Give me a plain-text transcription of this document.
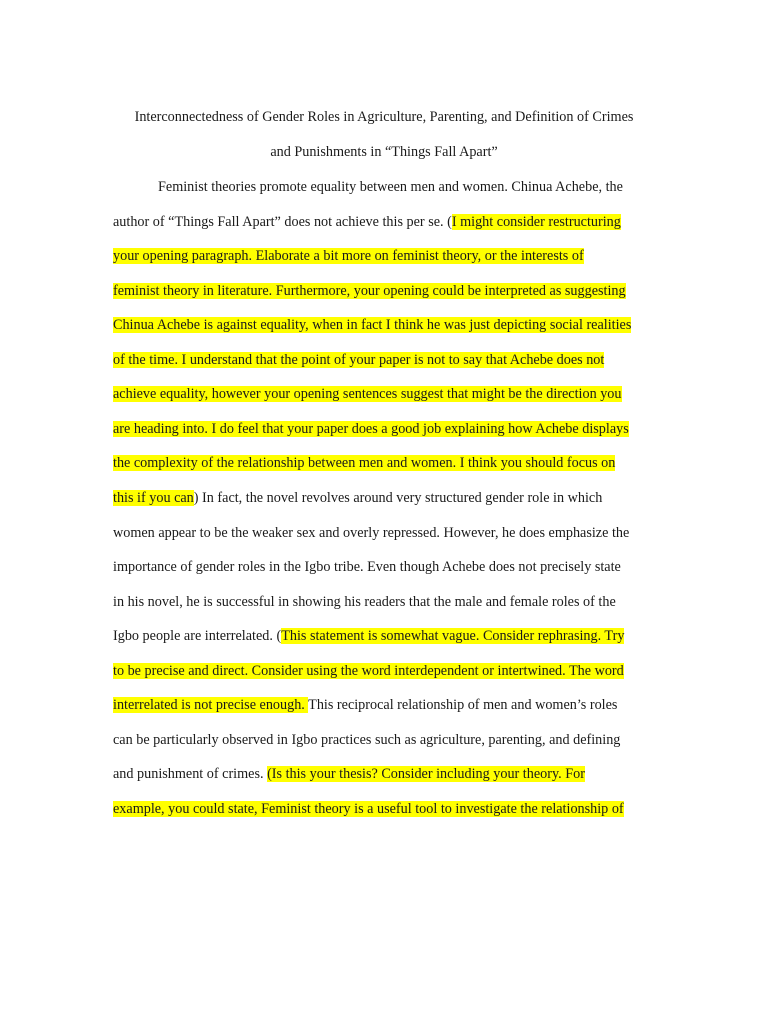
Interconnectedness of Gender Roles in Agriculture, Parenting, and Definition of Crimes
and Punishments in “Things Fall Apart”
Feminist theories promote equality between men and women. Chinua Achebe, the
author of “Things Fall Apart” does not achieve this per se. (I might consider restructuring
your opening paragraph. Elaborate a bit more on feminist theory, or the interests of
feminist theory in literature. Furthermore, your opening could be interpreted as suggesting
Chinua Achebe is against equality, when in fact I think he was just depicting social realities
of the time. I understand that the point of your paper is not to say that Achebe does not
achieve equality, however your opening sentences suggest that might be the direction you
are heading into. I do feel that your paper does a good job explaining how Achebe displays
the complexity of the relationship between men and women. I think you should focus on
this if you can) In fact, the novel revolves around very structured gender role in which
women appear to be the weaker sex and overly repressed. However, he does emphasize the
importance of gender roles in the Igbo tribe. Even though Achebe does not precisely state
in his novel, he is successful in showing his readers that the male and female roles of the
Igbo people are interrelated. (This statement is somewhat vague. Consider rephrasing. Try
to be precise and direct. Consider using the word interdependent or intertwined. The word
interrelated is not precise enough. This reciprocal relationship of men and women’s roles
can be particularly observed in Igbo practices such as agriculture, parenting, and defining
and punishment of crimes. (Is this your thesis? Consider including your theory. For
example, you could state, Feminist theory is a useful tool to investigate the relationship of
